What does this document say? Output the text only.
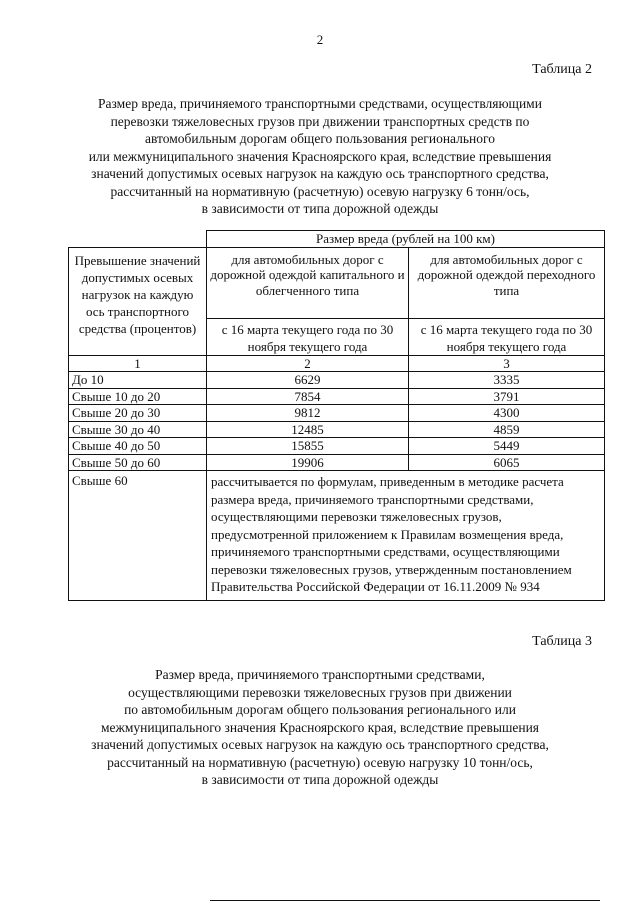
2
Таблица 2
Размер вреда, причиняемого транспортными средствами, осуществляющими
перевозки тяжеловесных грузов при движении транспортных средств по
автомобильным дорогам общего пользования регионального
или межмуниципального значения Красноярского края, вследствие превышения
значений допустимых осевых нагрузок на каждую ось транспортного средства,
рассчитанный на нормативную (расчетную) осевую нагрузку 6 тонн/ось,
в зависимости от типа дорожной одежды
	Размер вреда (рублей на 100 км)	
Превышение значений допустимых осевых нагрузок на каждую ось транспортного средства (процентов)	для автомобильных дорог с дорожной одеждой капитального и облегченного типа	для автомобильных дорог с дорожной одеждой переходного типа
	с 16 марта текущего года по 30 ноября текущего года	с 16 марта текущего года по 30 ноября текущего года
1	2	3
До 10	6629	3335
Свыше 10 до 20	7854	3791
Свыше 20 до 30	9812	4300
Свыше 30 до 40	12485	4859
Свыше 40 до 50	15855	5449
Свыше 50 до 60	19906	6065
Свыше 60	рассчитывается по формулам, приведенным в методике расчета размера вреда, причиняемого транспортными средствами, осуществляющими перевозки тяжеловесных грузов, предусмотренной приложением к Правилам возмещения вреда, причиняемого транспортными средствами, осуществляющими перевозки тяжеловесных грузов, утвержденным постановлением Правительства Российской Федерации от 16.11.2009 № 934	
Таблица 3
Размер вреда, причиняемого транспортными средствами,
осуществляющими перевозки тяжеловесных грузов при движении
по автомобильным дорогам общего пользования регионального или
межмуниципального значения Красноярского края, вследствие превышения
значений допустимых осевых нагрузок на каждую ось транспортного средства,
рассчитанный на нормативную (расчетную) осевую нагрузку 10 тонн/ось,
в зависимости от типа дорожной одежды
